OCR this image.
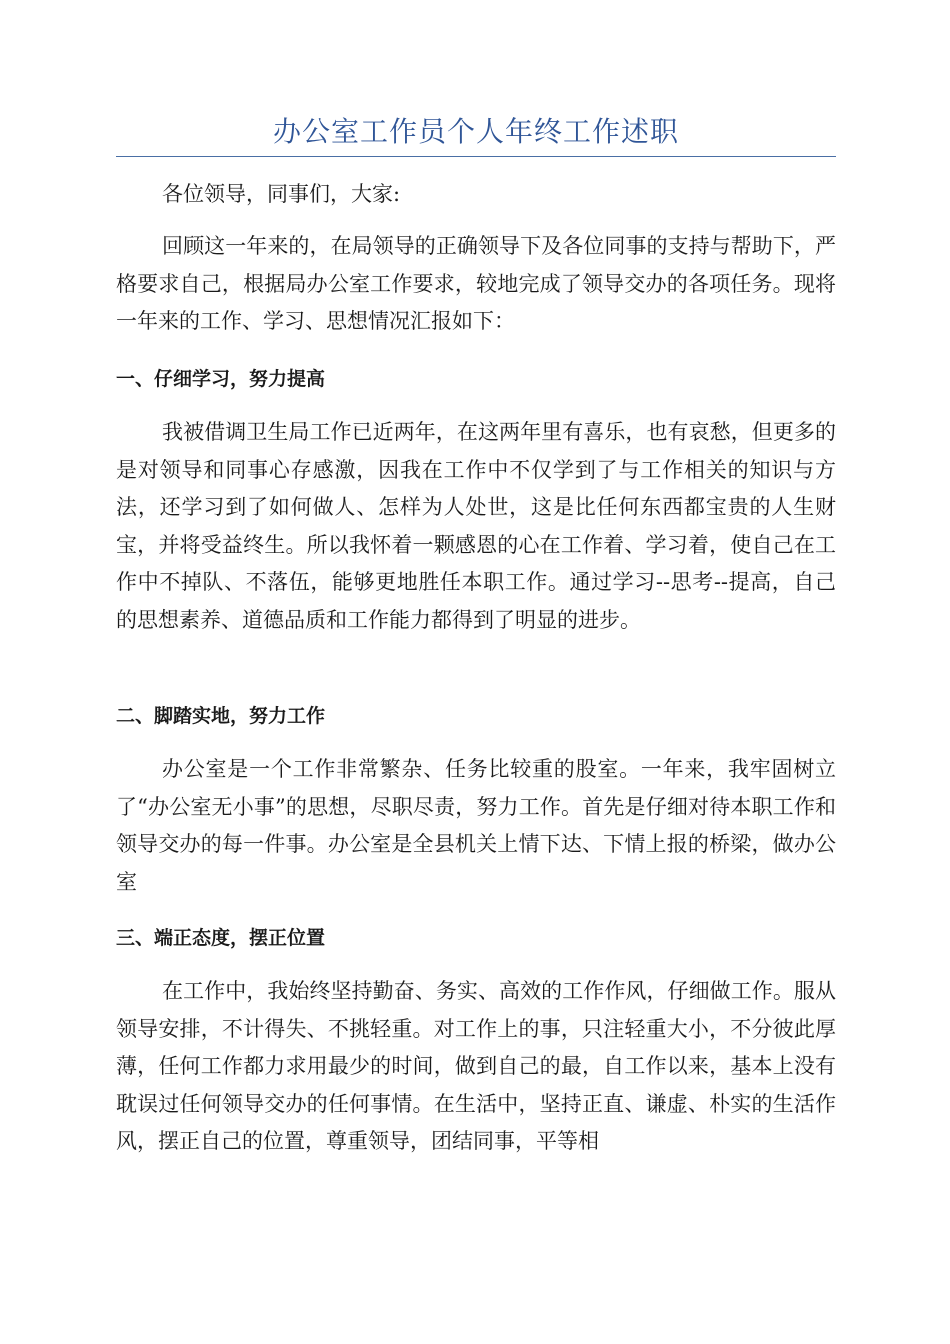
办公室工作员个人年终工作述职
各位领导，同事们，大家:
回顾这一年来的，在局领导的正确领导下及各位同事的支持与帮助下，严格要求自己，根据局办公室工作要求，较地完成了领导交办的各项任务。现将一年来的工作、学习、思想情况汇报如下：
一、仔细学习，努力提高
我被借调卫生局工作已近两年，在这两年里有喜乐，也有哀愁，但更多的是对领导和同事心存感激，因我在工作中不仅学到了与工作相关的知识与方法，还学习到了如何做人、怎样为人处世，这是比任何东西都宝贵的人生财宝，并将受益终生。所以我怀着一颗感恩的心在工作着、学习着，使自己在工作中不掉队、不落伍，能够更地胜任本职工作。通过学习--思考--提高，自己的思想素养、道德品质和工作能力都得到了明显的进步。
二、脚踏实地，努力工作
办公室是一个工作非常繁杂、任务比较重的股室。一年来，我牢固树立了“办公室无小事”的思想，尽职尽责，努力工作。首先是仔细对待本职工作和领导交办的每一件事。办公室是全县机关上情下达、下情上报的桥梁，做办公室
三、端正态度，摆正位置
在工作中，我始终坚持勤奋、务实、高效的工作作风，仔细做工作。服从领导安排，不计得失、不挑轻重。对工作上的事，只注轻重大小，不分彼此厚薄，任何工作都力求用最少的时间，做到自己的最，自工作以来，基本上没有耽误过任何领导交办的任何事情。在生活中，坚持正直、谦虚、朴实的生活作风，摆正自己的位置，尊重领导，团结同事，平等相
